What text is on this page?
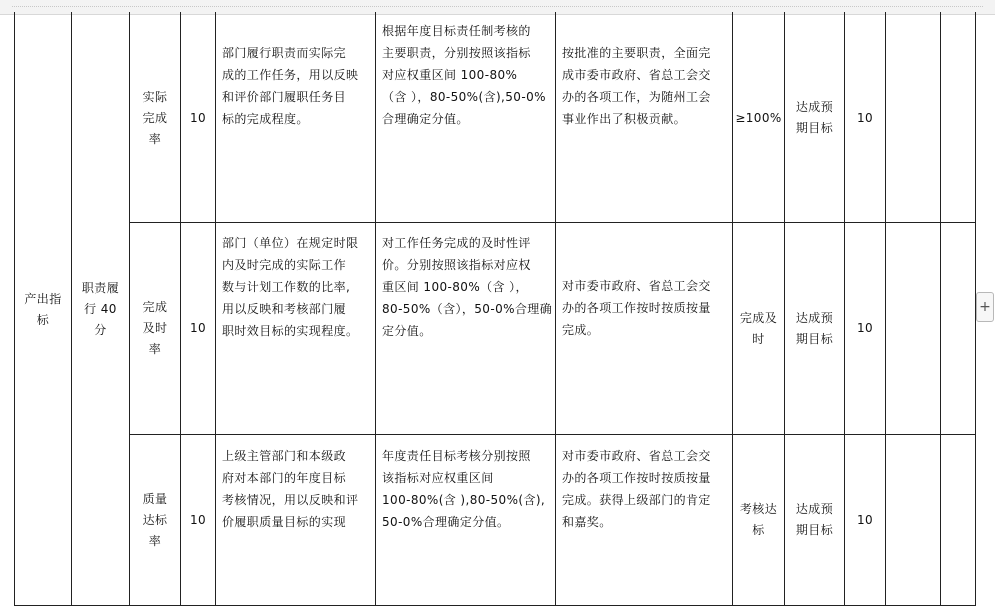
产出指
标
职责履
行 40
分
实际
完成
率
10
部门履行职责而实际完
成的工作任务，用以反映
和评价部门履职任务目
标的完成程度。
根据年度目标责任制考核的
主要职责，分别按照该指标
对应权重区间 100-80%
（含 ），80-50%(含),50-0%
合理确定分值。
按批准的主要职责，全面完
成市委市政府、省总工会交
办的各项工作，为随州工会
事业作出了积极贡献。	≥100%
达成预
期目标
10
完成
及时
率
10
部门（单位）在规定时限
内及时完成的实际工作
数与计划工作数的比率,
用以反映和考核部门履
职时效目标的实现程度。
对工作任务完成的及时性评
价。分别按照该指标对应权
重区间 100-80%（含 ），
80-50%（含），50-0%合理确
定分值。
对市委市政府、省总工会交
办的各项工作按时按质按量
完成。
完成及
时
达成预
期目标
10
质量
达标
率
10
上级主管部门和本级政
府对本部门的年度目标
考核情况，用以反映和评
价履职质量目标的实现
年度责任目标考核分别按照
该指标对应权重区间
100-80%(含 ),80-50%(含),
50-0%合理确定分值。
对市委市政府、省总工会交
办的各项工作按时按质按量
完成。获得上级部门的肯定
和嘉奖。
考核达
标
达成预
期目标
10
+
